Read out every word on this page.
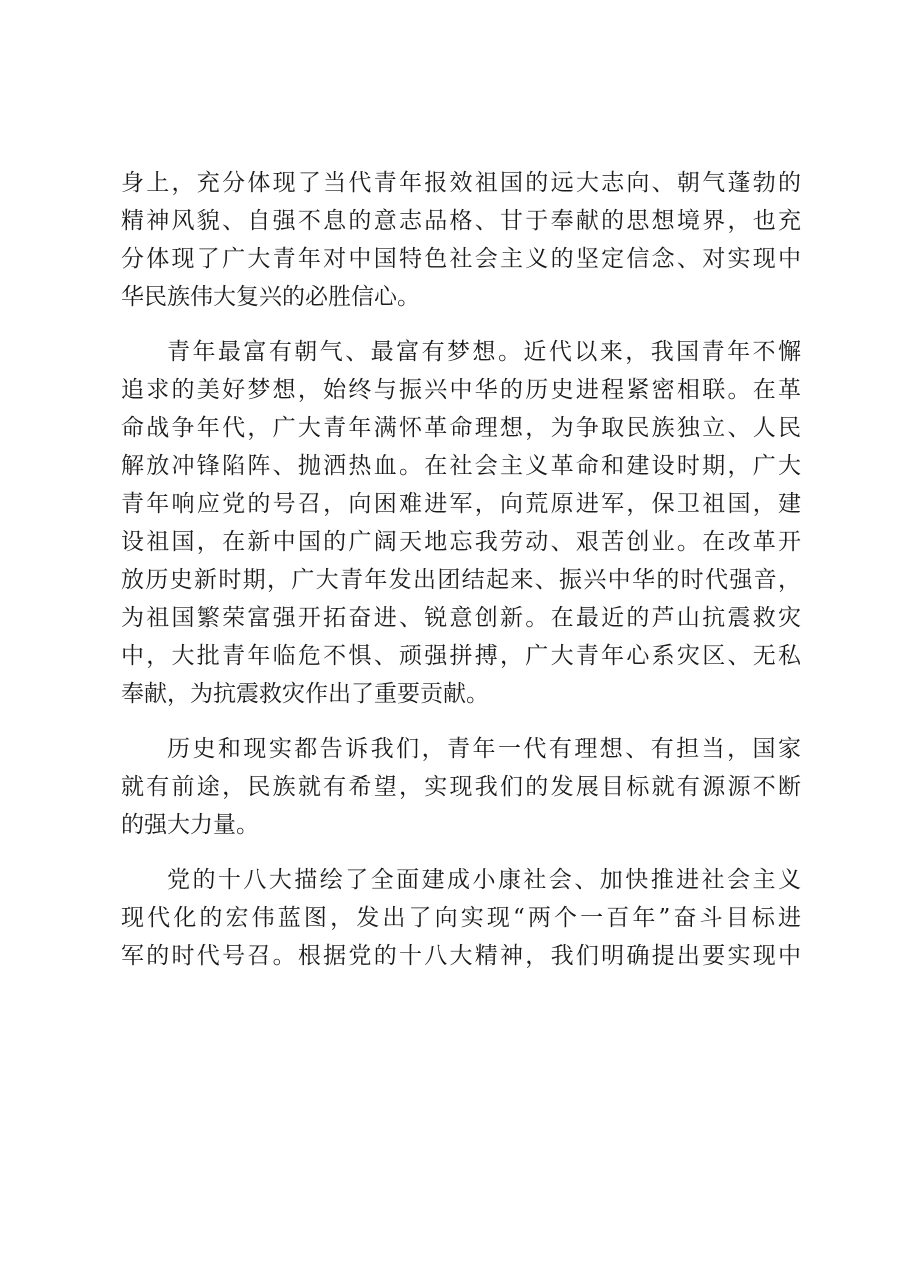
身上，充分体现了当代青年报效祖国的远大志向、朝气蓬勃的
精神风貌、自强不息的意志品格、甘于奉献的思想境界，也充
分体现了广大青年对中国特色社会主义的坚定信念、对实现中
华民族伟大复兴的必胜信心。
青年最富有朝气、最富有梦想。近代以来，我国青年不懈
追求的美好梦想，始终与振兴中华的历史进程紧密相联。在革
命战争年代，广大青年满怀革命理想，为争取民族独立、人民
解放冲锋陷阵、抛洒热血。在社会主义革命和建设时期，广大
青年响应党的号召，向困难进军，向荒原进军，保卫祖国，建
设祖国，在新中国的广阔天地忘我劳动、艰苦创业。在改革开
放历史新时期，广大青年发出团结起来、振兴中华的时代强音，
为祖国繁荣富强开拓奋进、锐意创新。在最近的芦山抗震救灾
中，大批青年临危不惧、顽强拼搏，广大青年心系灾区、无私
奉献，为抗震救灾作出了重要贡献。
历史和现实都告诉我们，青年一代有理想、有担当，国家
就有前途，民族就有希望，实现我们的发展目标就有源源不断
的强大力量。
党的十八大描绘了全面建成小康社会、加快推进社会主义
现代化的宏伟蓝图，发出了向实现“两个一百年”奋斗目标进
军的时代号召。根据党的十八大精神，我们明确提出要实现中
